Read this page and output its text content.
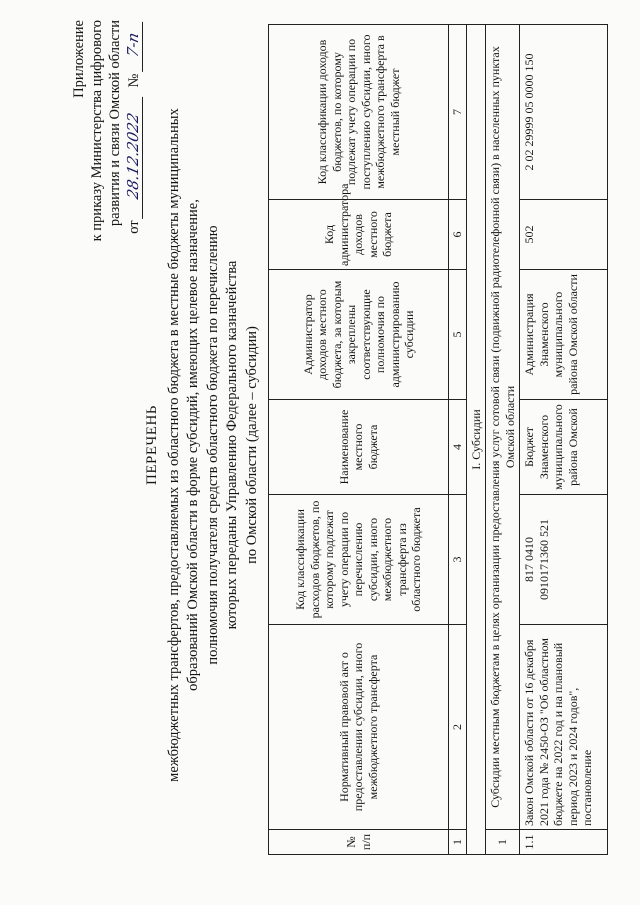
Приложение к приказу Министерства цифрового развития и связи Омской области
от 28.12.2022  № 7-п
ПЕРЕЧЕНЬ межбюджетных трансфертов, предоставляемых из областного бюджета в местные бюджеты муниципальных образований Омской области в форме субсидий, имеющих целевое назначение, полномочия получателя средств областного бюджета по перечислению которых переданы Управлению Федерального казначейства по Омской области (далее – субсидии)
№ п/п	Нормативный правовой акт о предоставлении субсидии, иного межбюджетного трансферта	Код классификации расходов бюджетов, по которому подлежат учету операции по перечислению субсидии, иного межбюджетного трансферта из областного бюджета	Наименование местного бюджета	Администратор доходов местного бюджета, за которым закреплены соответствующие полномочия по администрированию субсидии	Код администратора доходов местного бюджета	Код классификации доходов бюджетов, по которому подлежат учету операции по поступлению субсидии, иного межбюджетного трансферта в местный бюджет
1	2	3	4	5	6	7
I. Субсидии						
1	Субсидии местным бюджетам в целях организации предоставления услуг сотовой связи (подвижной радиотелефонной связи) в населенных пунктах Омской области					
1.1	Закон Омской области от 16 декабря 2021 года № 2450-ОЗ "Об областном бюджете на 2022 год и на плановый период 2023 и 2024 годов", постановление	817 0410 0910171360 521	Бюджет Знаменского муниципального района Омской	Администрация Знаменского муниципального района Омской области	502	2 02 29999 05 0000 150
